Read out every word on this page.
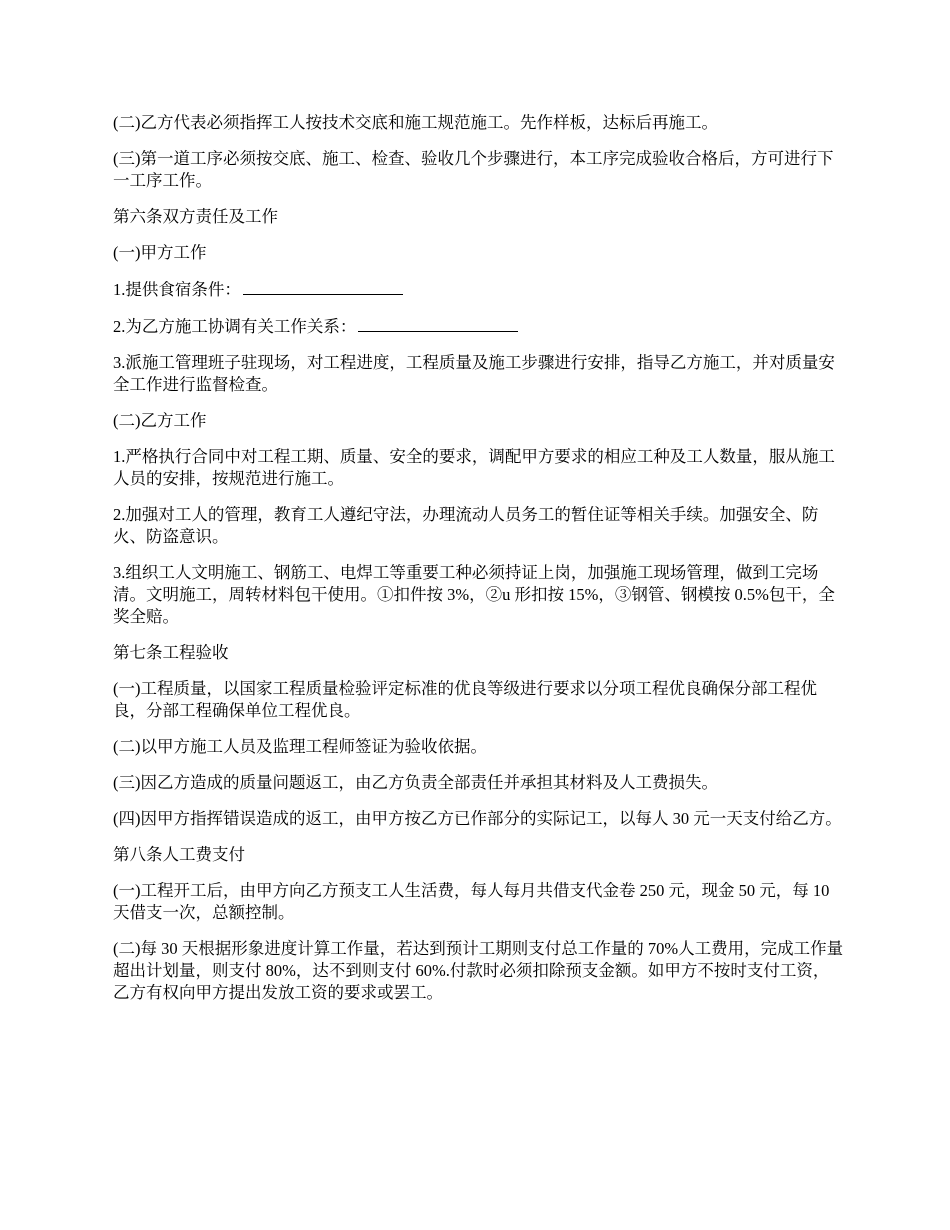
(二)乙方代表必须指挥工人按技术交底和施工规范施工。先作样板，达标后再施工。

(三)第一道工序必须按交底、施工、检查、验收几个步骤进行，本工序完成验收合格后，方可进行下一工序工作。

第六条双方责任及工作

(一)甲方工作

1.提供食宿条件：

2.为乙方施工协调有关工作关系：

3.派施工管理班子驻现场，对工程进度，工程质量及施工步骤进行安排，指导乙方施工，并对质量安全工作进行监督检查。

(二)乙方工作

1.严格执行合同中对工程工期、质量、安全的要求，调配甲方要求的相应工种及工人数量，服从施工人员的安排，按规范进行施工。

2.加强对工人的管理，教育工人遵纪守法，办理流动人员务工的暂住证等相关手续。加强安全、防火、防盗意识。

3.组织工人文明施工、钢筋工、电焊工等重要工种必须持证上岗，加强施工现场管理，做到工完场清。文明施工，周转材料包干使用。①扣件按 3%，②u 形扣按 15%，③钢管、钢模按 0.5%包干，全奖全赔。

第七条工程验收

(一)工程质量，以国家工程质量检验评定标准的优良等级进行要求以分项工程优良确保分部工程优良，分部工程确保单位工程优良。

(二)以甲方施工人员及监理工程师签证为验收依据。

(三)因乙方造成的质量问题返工，由乙方负责全部责任并承担其材料及人工费损失。

(四)因甲方指挥错误造成的返工，由甲方按乙方已作部分的实际记工，以每人 30 元一天支付给乙方。

第八条人工费支付

(一)工程开工后，由甲方向乙方预支工人生活费，每人每月共借支代金卷 250 元，现金 50 元，每 10 天借支一次，总额控制。

(二)每 30 天根据形象进度计算工作量，若达到预计工期则支付总工作量的 70%人工费用，完成工作量超出计划量，则支付 80%，达不到则支付 60%.付款时必须扣除预支金额。如甲方不按时支付工资，乙方有权向甲方提出发放工资的要求或罢工。
